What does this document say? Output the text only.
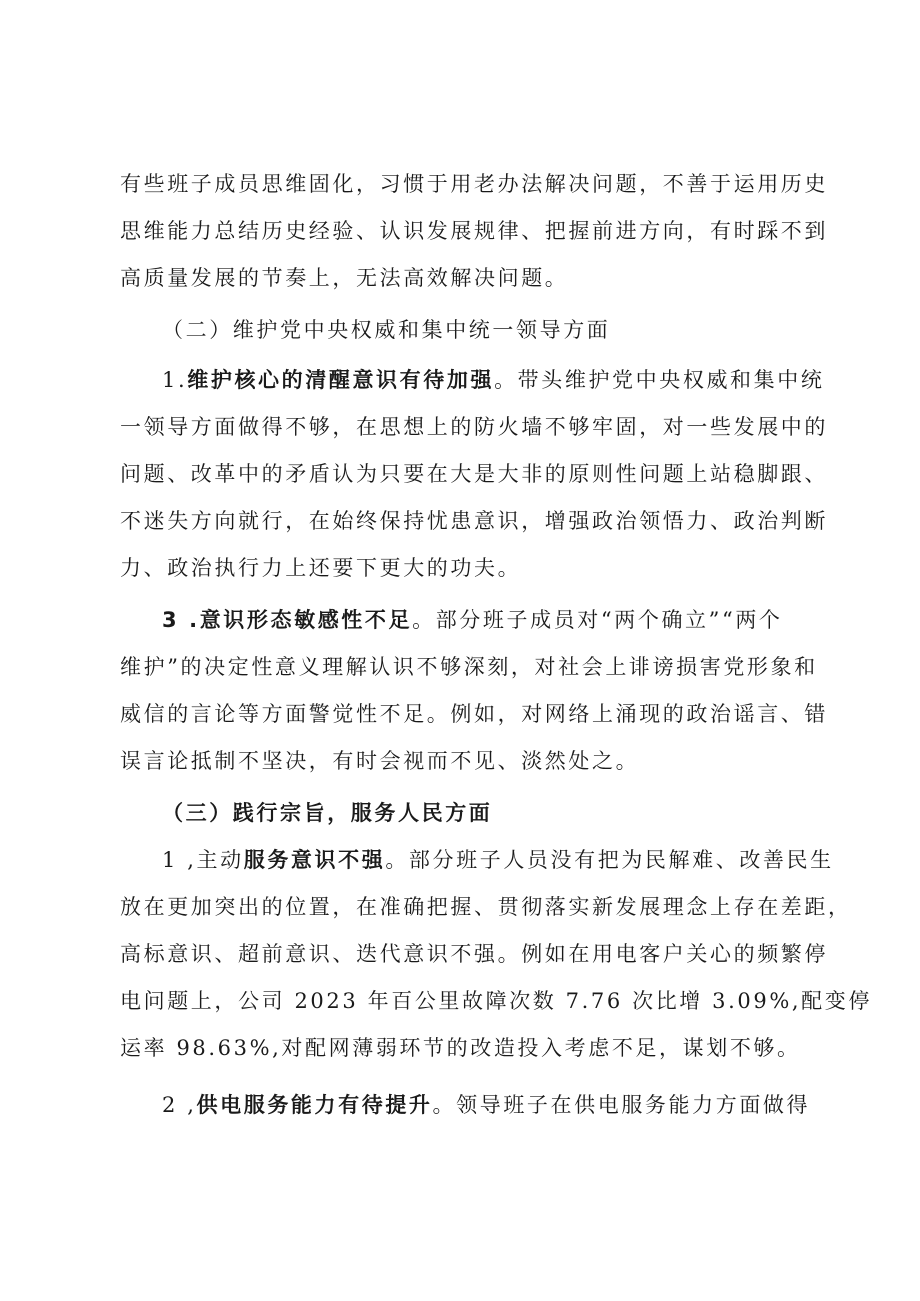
有些班子成员思维固化，习惯于用老办法解决问题，不善于运用历史
思维能力总结历史经验、认识发展规律、把握前进方向，有时踩不到
高质量发展的节奏上，无法高效解决问题。
（二）维护党中央权威和集中统一领导方面
1.维护核心的清醒意识有待加强。带头维护党中央权威和集中统
一领导方面做得不够，在思想上的防火墙不够牢固，对一些发展中的
问题、改革中的矛盾认为只要在大是大非的原则性问题上站稳脚跟、
不迷失方向就行，在始终保持忧患意识，增强政治领悟力、政治判断
力、政治执行力上还要下更大的功夫。
3 .意识形态敏感性不足。部分班子成员对“两个确立”“两个
维护”的决定性意义理解认识不够深刻，对社会上诽谤损害党形象和
威信的言论等方面警觉性不足。例如，对网络上涌现的政治谣言、错
误言论抵制不坚决，有时会视而不见、淡然处之。
（三）践行宗旨，服务人民方面
1 ,主动服务意识不强。部分班子人员没有把为民解难、改善民生
放在更加突出的位置，在准确把握、贯彻落实新发展理念上存在差距，
高标意识、超前意识、迭代意识不强。例如在用电客户关心的频繁停
电问题上，公司 2023 年百公里故障次数 7.76 次比增 3.09%,配变停
运率 98.63%,对配网薄弱环节的改造投入考虑不足，谋划不够。
2 ,供电服务能力有待提升。领导班子在供电服务能力方面做得
